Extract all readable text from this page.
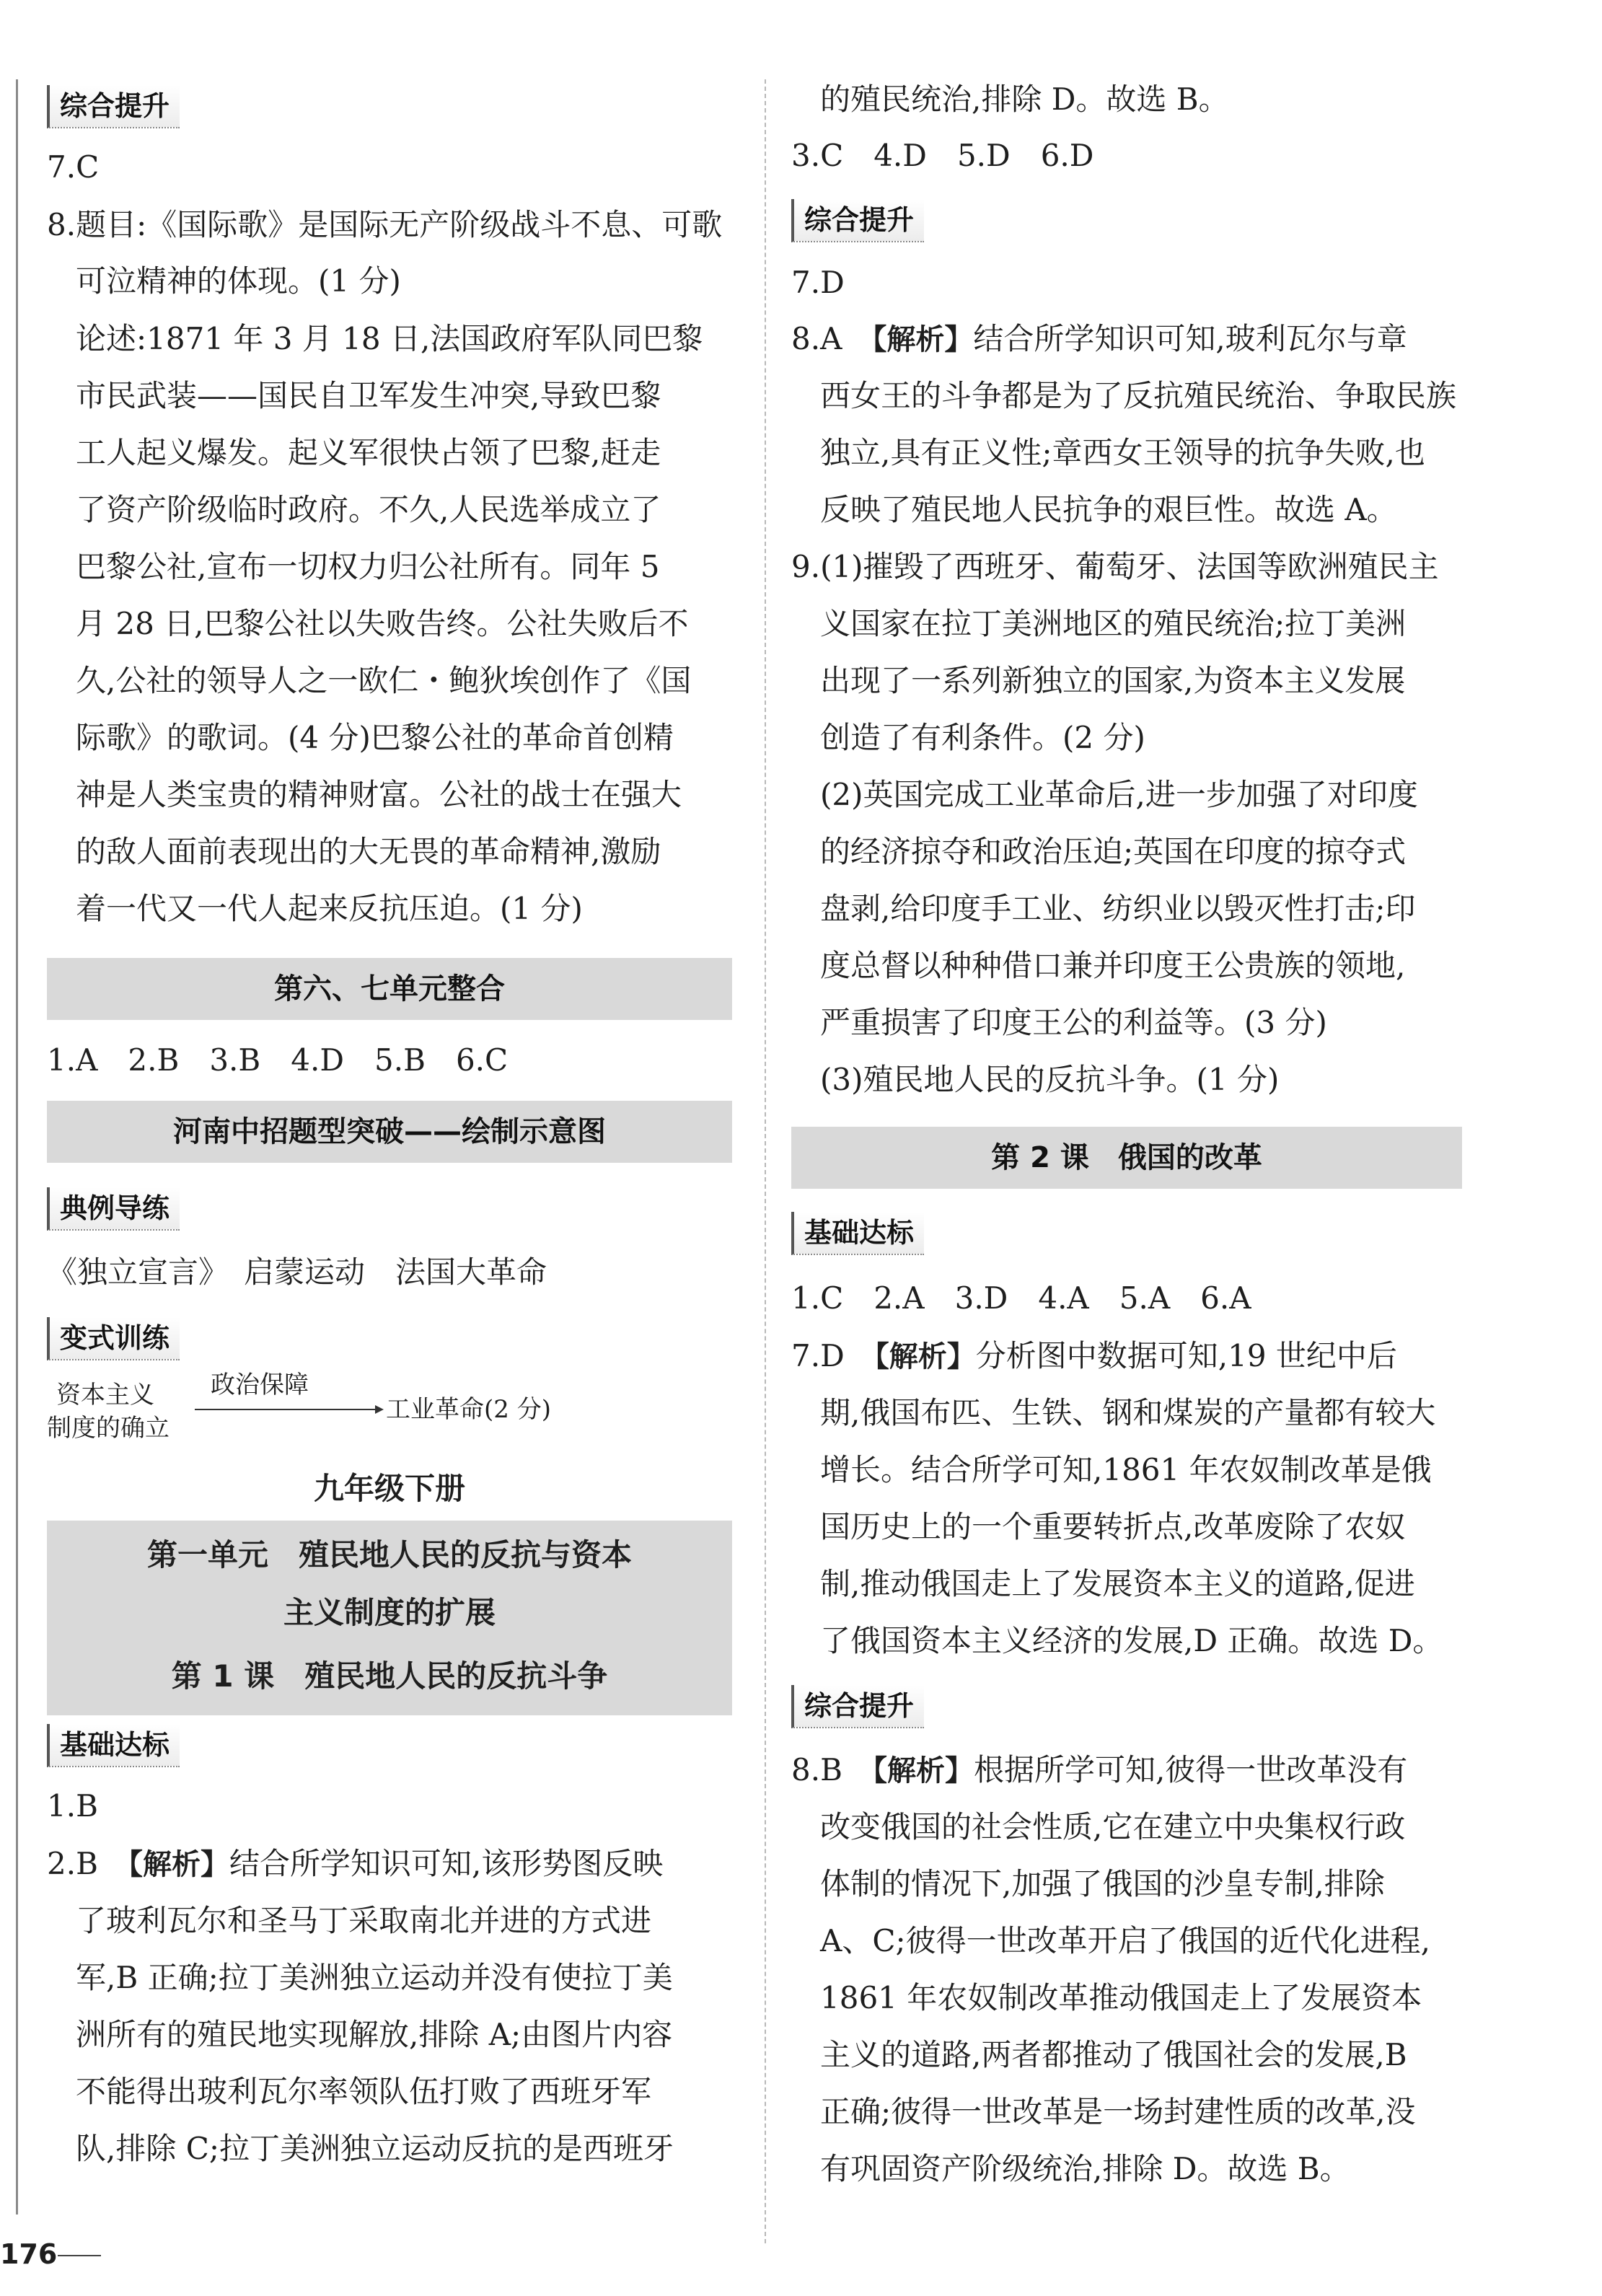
综合提升
7.C
8.题目:《国际歌》是国际无产阶级战斗不息、可歌
可泣精神的体现。(1 分)
论述:1871 年 3 月 18 日,法国政府军队同巴黎
市民武装——国民自卫军发生冲突,导致巴黎
工人起义爆发。起义军很快占领了巴黎,赶走
了资产阶级临时政府。不久,人民选举成立了
巴黎公社,宣布一切权力归公社所有。同年 5
月 28 日,巴黎公社以失败告终。公社失败后不
久,公社的领导人之一欧仁・鲍狄埃创作了《国
际歌》的歌词。(4 分)巴黎公社的革命首创精
神是人类宝贵的精神财富。公社的战士在强大
的敌人面前表现出的大无畏的革命精神,激励
着一代又一代人起来反抗压迫。(1 分)
第六、七单元整合
1.A　2.B　3.B　4.D　5.B　6.C
河南中招题型突破——绘制示意图
典例导练
《独立宣言》　启蒙运动　法国大革命
变式训练
资本主义
制度的确立
政治保障
工业革命(2 分)
九年级下册
第一单元　殖民地人民的反抗与资本
主义制度的扩展
第 1 课　殖民地人民的反抗斗争
基础达标
1.B
2.B　 【解析】结合所学知识可知,该形势图反映
了玻利瓦尔和圣马丁采取南北并进的方式进
军,B 正确;拉丁美洲独立运动并没有使拉丁美
洲所有的殖民地实现解放,排除 A;由图片内容
不能得出玻利瓦尔率领队伍打败了西班牙军
队,排除 C;拉丁美洲独立运动反抗的是西班牙
的殖民统治,排除 D。故选 B。
3.C　4.D　5.D　6.D
综合提升
7.D
8.A　 【解析】结合所学知识可知,玻利瓦尔与章
西女王的斗争都是为了反抗殖民统治、争取民族
独立,具有正义性;章西女王领导的抗争失败,也
反映了殖民地人民抗争的艰巨性。故选 A。
9.(1)摧毁了西班牙、葡萄牙、法国等欧洲殖民主
义国家在拉丁美洲地区的殖民统治;拉丁美洲
出现了一系列新独立的国家,为资本主义发展
创造了有利条件。(2 分)
(2)英国完成工业革命后,进一步加强了对印度
的经济掠夺和政治压迫;英国在印度的掠夺式
盘剥,给印度手工业、纺织业以毁灭性打击;印
度总督以种种借口兼并印度王公贵族的领地,
严重损害了印度王公的利益等。(3 分)
(3)殖民地人民的反抗斗争。(1 分)
第 2 课　俄国的改革
基础达标
1.C　2.A　3.D　4.A　5.A　6.A
7.D　 【解析】分析图中数据可知,19 世纪中后
期,俄国布匹、生铁、钢和煤炭的产量都有较大
增长。结合所学可知,1861 年农奴制改革是俄
国历史上的一个重要转折点,改革废除了农奴
制,推动俄国走上了发展资本主义的道路,促进
了俄国资本主义经济的发展,D 正确。故选 D。
综合提升
8.B　 【解析】根据所学可知,彼得一世改革没有
改变俄国的社会性质,它在建立中央集权行政
体制的情况下,加强了俄国的沙皇专制,排除
A、C;彼得一世改革开启了俄国的近代化进程,
1861 年农奴制改革推动俄国走上了发展资本
主义的道路,两者都推动了俄国社会的发展,B
正确;彼得一世改革是一场封建性质的改革,没
有巩固资产阶级统治,排除 D。故选 B。
176
